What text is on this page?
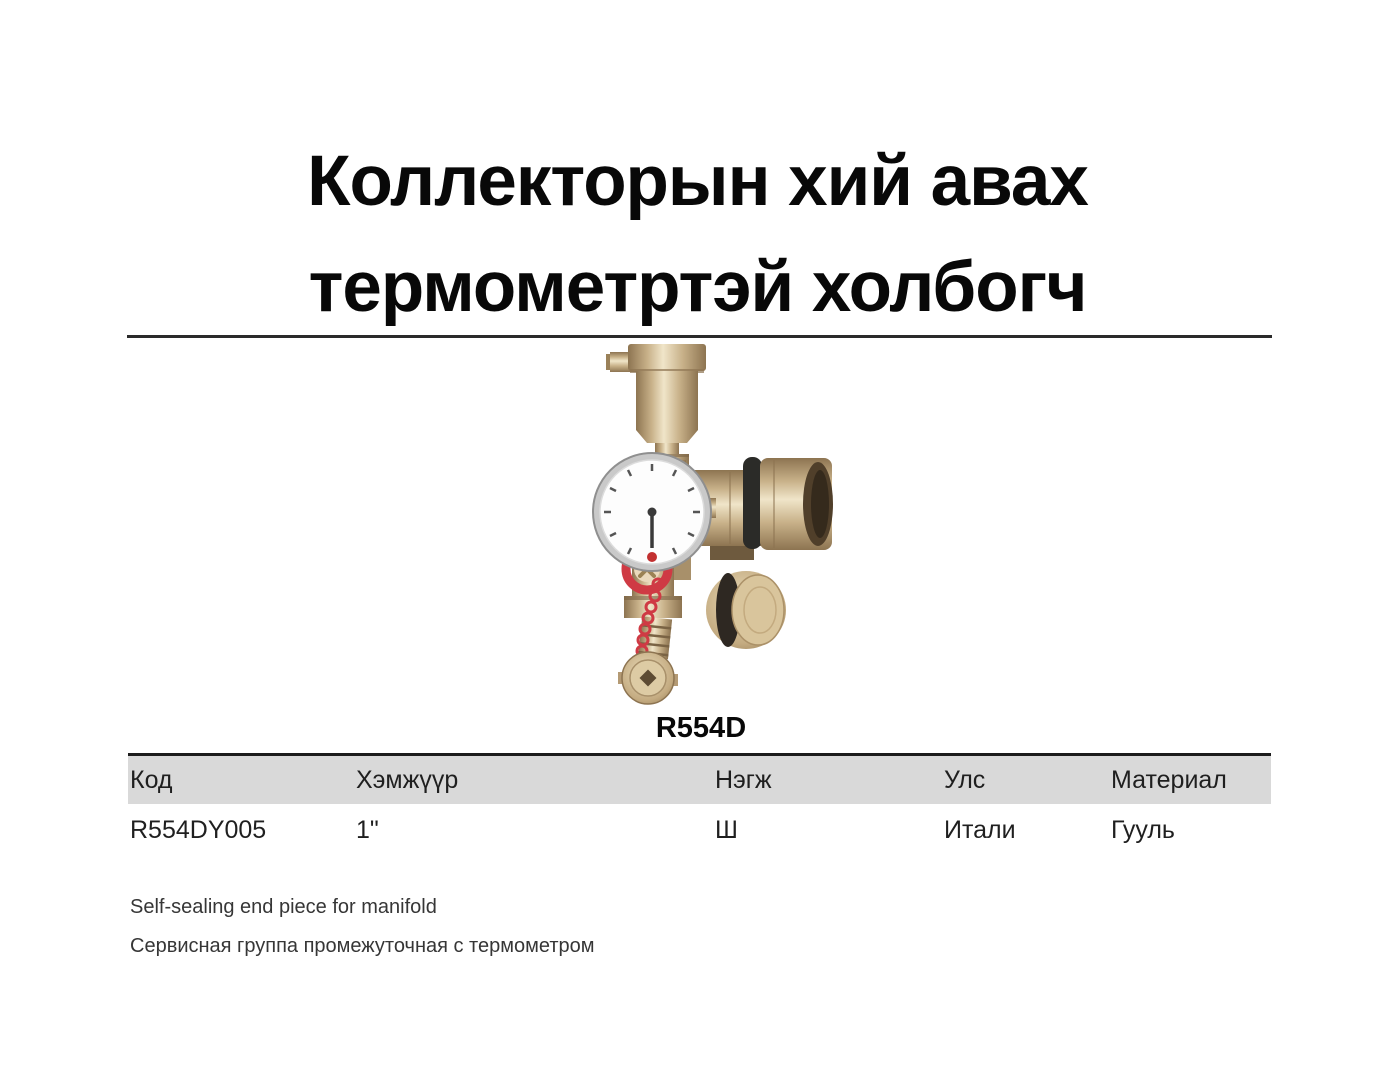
Коллекторын хий авах
термометртэй холбогч
R554D
Код	Хэмжүүр	Нэгж	Улс	Материал
R554DY005	1"	Ш	Итали	Гууль

Self-sealing end piece for manifold

Сервисная группа промежуточная с термометром
